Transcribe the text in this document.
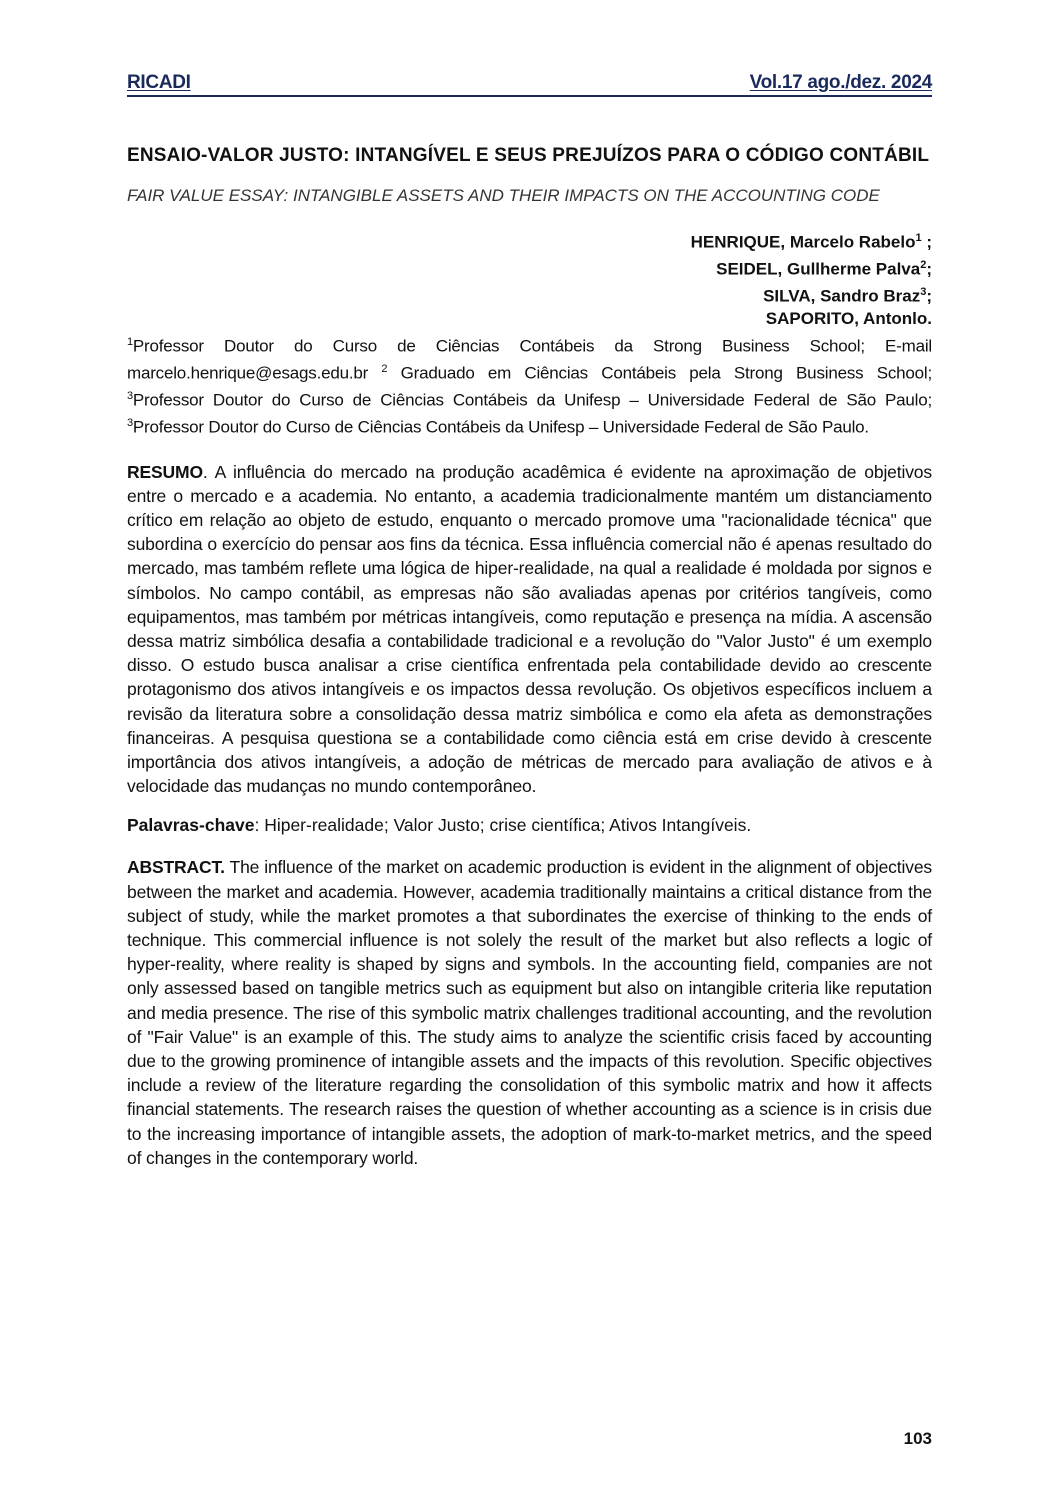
RICADI	Vol.17 ago./dez. 2024
ENSAIO-VALOR JUSTO: INTANGÍVEL E SEUS PREJUÍZOS PARA O CÓDIGO CONTÁBIL
FAIR VALUE ESSAY: INTANGIBLE ASSETS AND THEIR IMPACTS ON THE ACCOUNTING CODE
HENRIQUE, Marcelo Rabelo$^1$ ;
SEIDEL, Gullherme Palva$^2$;
SILVA, Sandro Braz$^3$;
SAPORITO, Antonlo.
$^1$Professor Doutor do Curso de Ciências Contábeis da Strong Business School; E-mail marcelo.henrique@esags.edu.br $^2$ Graduado em Ciências Contábeis pela Strong Business School; $^3$Professor Doutor do Curso de Ciências Contábeis da Unifesp – Universidade Federal de São Paulo; $^3$Professor Doutor do Curso de Ciências Contábeis da Unifesp – Universidade Federal de São Paulo.
RESUMO. A influência do mercado na produção acadêmica é evidente na aproximação de objetivos entre o mercado e a academia. No entanto, a academia tradicionalmente mantém um distanciamento crítico em relação ao objeto de estudo, enquanto o mercado promove uma "racionalidade técnica" que subordina o exercício do pensar aos fins da técnica. Essa influência comercial não é apenas resultado do mercado, mas também reflete uma lógica de hiper-realidade, na qual a realidade é moldada por signos e símbolos. No campo contábil, as empresas não são avaliadas apenas por critérios tangíveis, como equipamentos, mas também por métricas intangíveis, como reputação e presença na mídia. A ascensão dessa matriz simbólica desafia a contabilidade tradicional e a revolução do "Valor Justo" é um exemplo disso. O estudo busca analisar a crise científica enfrentada pela contabilidade devido ao crescente protagonismo dos ativos intangíveis e os impactos dessa revolução. Os objetivos específicos incluem a revisão da literatura sobre a consolidação dessa matriz simbólica e como ela afeta as demonstrações financeiras. A pesquisa questiona se a contabilidade como ciência está em crise devido à crescente importância dos ativos intangíveis, a adoção de métricas de mercado para avaliação de ativos e à velocidade das mudanças no mundo contemporâneo.
Palavras-chave: Hiper-realidade; Valor Justo; crise científica; Ativos Intangíveis.
ABSTRACT. The influence of the market on academic production is evident in the alignment of objectives between the market and academia. However, academia traditionally maintains a critical distance from the subject of study, while the market promotes a that subordinates the exercise of thinking to the ends of technique. This commercial influence is not solely the result of the market but also reflects a logic of hyper-reality, where reality is shaped by signs and symbols. In the accounting field, companies are not only assessed based on tangible metrics such as equipment but also on intangible criteria like reputation and media presence. The rise of this symbolic matrix challenges traditional accounting, and the revolution of "Fair Value" is an example of this. The study aims to analyze the scientific crisis faced by accounting due to the growing prominence of intangible assets and the impacts of this revolution. Specific objectives include a review of the literature regarding the consolidation of this symbolic matrix and how it affects financial statements. The research raises the question of whether accounting as a science is in crisis due to the increasing importance of intangible assets, the adoption of mark-to-market metrics, and the speed of changes in the contemporary world.
103
